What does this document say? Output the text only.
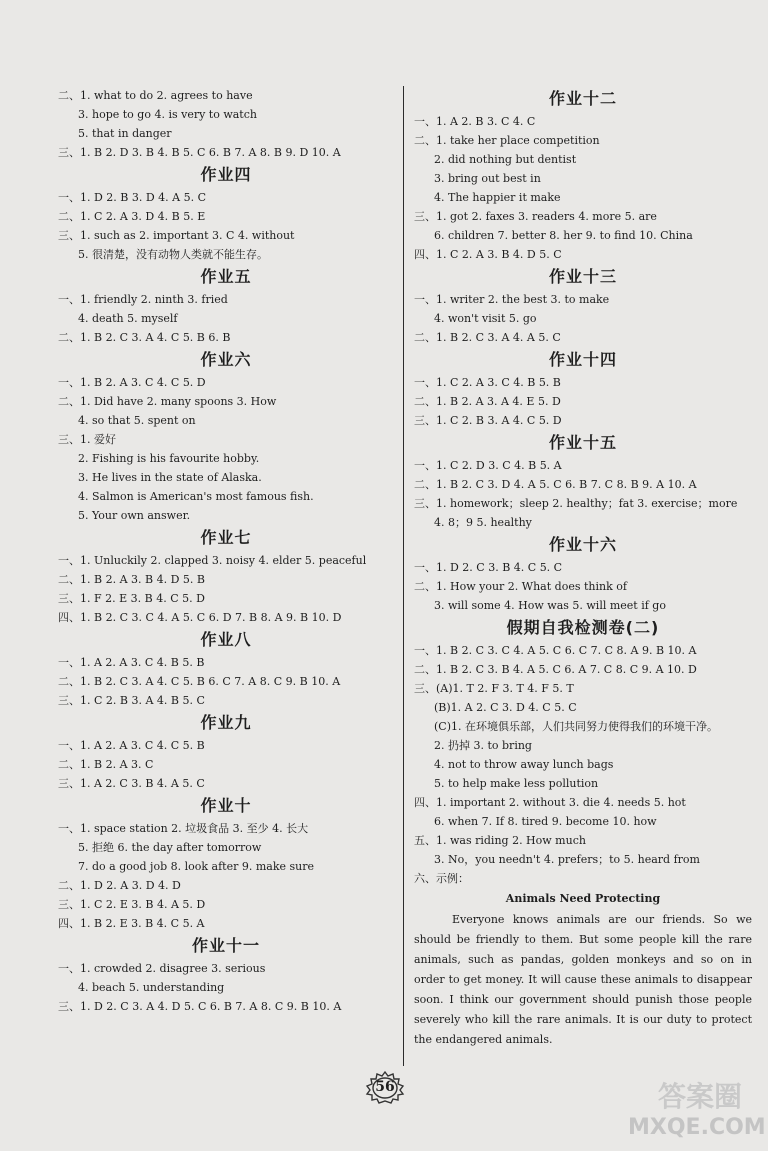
二、1. what to do 2. agrees to have
3. hope to go 4. is very to watch
5. that in danger
三、1. B 2. D 3. B 4. B 5. C 6. B 7. A 8. B 9. D 10. A
作业四
一、1. D 2. B 3. D 4. A 5. C
二、1. C 2. A 3. D 4. B 5. E
三、1. such as 2. important 3. C 4. without
5. 很清楚，没有动物人类就不能生存。
作业五
一、1. friendly 2. ninth 3. fried
4. death 5. myself
二、1. B 2. C 3. A 4. C 5. B 6. B
作业六
一、1. B 2. A 3. C 4. C 5. D
二、1. Did have 2. many spoons 3. How
4. so that 5. spent on
三、1. 爱好
2. Fishing is his favourite hobby.
3. He lives in the state of Alaska.
4. Salmon is American's most famous fish.
5. Your own answer.
作业七
一、1. Unluckily 2. clapped 3. noisy 4. elder 5. peaceful
二、1. B 2. A 3. B 4. D 5. B
三、1. F 2. E 3. B 4. C 5. D
四、1. B 2. C 3. C 4. A 5. C 6. D 7. B 8. A 9. B 10. D
作业八
一、1. A 2. A 3. C 4. B 5. B
二、1. B 2. C 3. A 4. C 5. B 6. C 7. A 8. C 9. B 10. A
三、1. C 2. B 3. A 4. B 5. C
作业九
一、1. A 2. A 3. C 4. C 5. B
二、1. B 2. A 3. C
三、1. A 2. C 3. B 4. A 5. C
作业十
一、1. space station 2. 垃圾食品 3. 至少 4. 长大
5. 拒绝 6. the day after tomorrow
7. do a good job 8. look after 9. make sure
二、1. D 2. A 3. D 4. D
三、1. C 2. E 3. B 4. A 5. D
四、1. B 2. E 3. B 4. C 5. A
作业十一
一、1. crowded 2. disagree 3. serious
4. beach 5. understanding
三、1. D 2. C 3. A 4. D 5. C 6. B 7. A 8. C 9. B 10. A
作业十二
一、1. A 2. B 3. C 4. C
二、1. take her place competition
2. did nothing but dentist
3. bring out best in
4. The happier it make
三、1. got 2. faxes 3. readers 4. more 5. are
6. children 7. better 8. her 9. to find 10. China
四、1. C 2. A 3. B 4. D 5. C
作业十三
一、1. writer 2. the best 3. to make
4. won't visit 5. go
二、1. B 2. C 3. A 4. A 5. C
作业十四
一、1. C 2. A 3. C 4. B 5. B
二、1. B 2. A 3. A 4. E 5. D
三、1. C 2. B 3. A 4. C 5. D
作业十五
一、1. C 2. D 3. C 4. B 5. A
二、1. B 2. C 3. D 4. A 5. C 6. B 7. C 8. B 9. A 10. A
三、1. homework；sleep 2. healthy；fat 3. exercise；more
4. 8；9 5. healthy
作业十六
一、1. D 2. C 3. B 4. C 5. C
二、1. How your 2. What does think of
3. will some 4. How was 5. will meet if go
假期自我检测卷(二)
一、1. B 2. C 3. C 4. A 5. C 6. C 7. C 8. A 9. B 10. A
二、1. B 2. C 3. B 4. A 5. C 6. A 7. C 8. C 9. A 10. D
三、(A)1. T 2. F 3. T 4. F 5. T
(B)1. A 2. C 3. D 4. C 5. C
(C)1. 在环境俱乐部，人们共同努力使得我们的环境干净。
2. 扔掉 3. to bring
4. not to throw away lunch bags
5. to help make less pollution
四、1. important 2. without 3. die 4. needs 5. hot
6. when 7. If 8. tired 9. become 10. how
五、1. was riding 2. How much
3. No，you needn't 4. prefers；to 5. heard from
六、示例：
Animals Need Protecting

Everyone knows animals are our friends. So we should be friendly to them. But some people kill the rare animals, such as pandas, golden monkeys and so on in order to get money. It will cause these animals to disappear soon. I think our government should punish those people severely who kill the rare animals. It is our duty to protect the endangered animals.

56	答案圈
MXQE.COM
